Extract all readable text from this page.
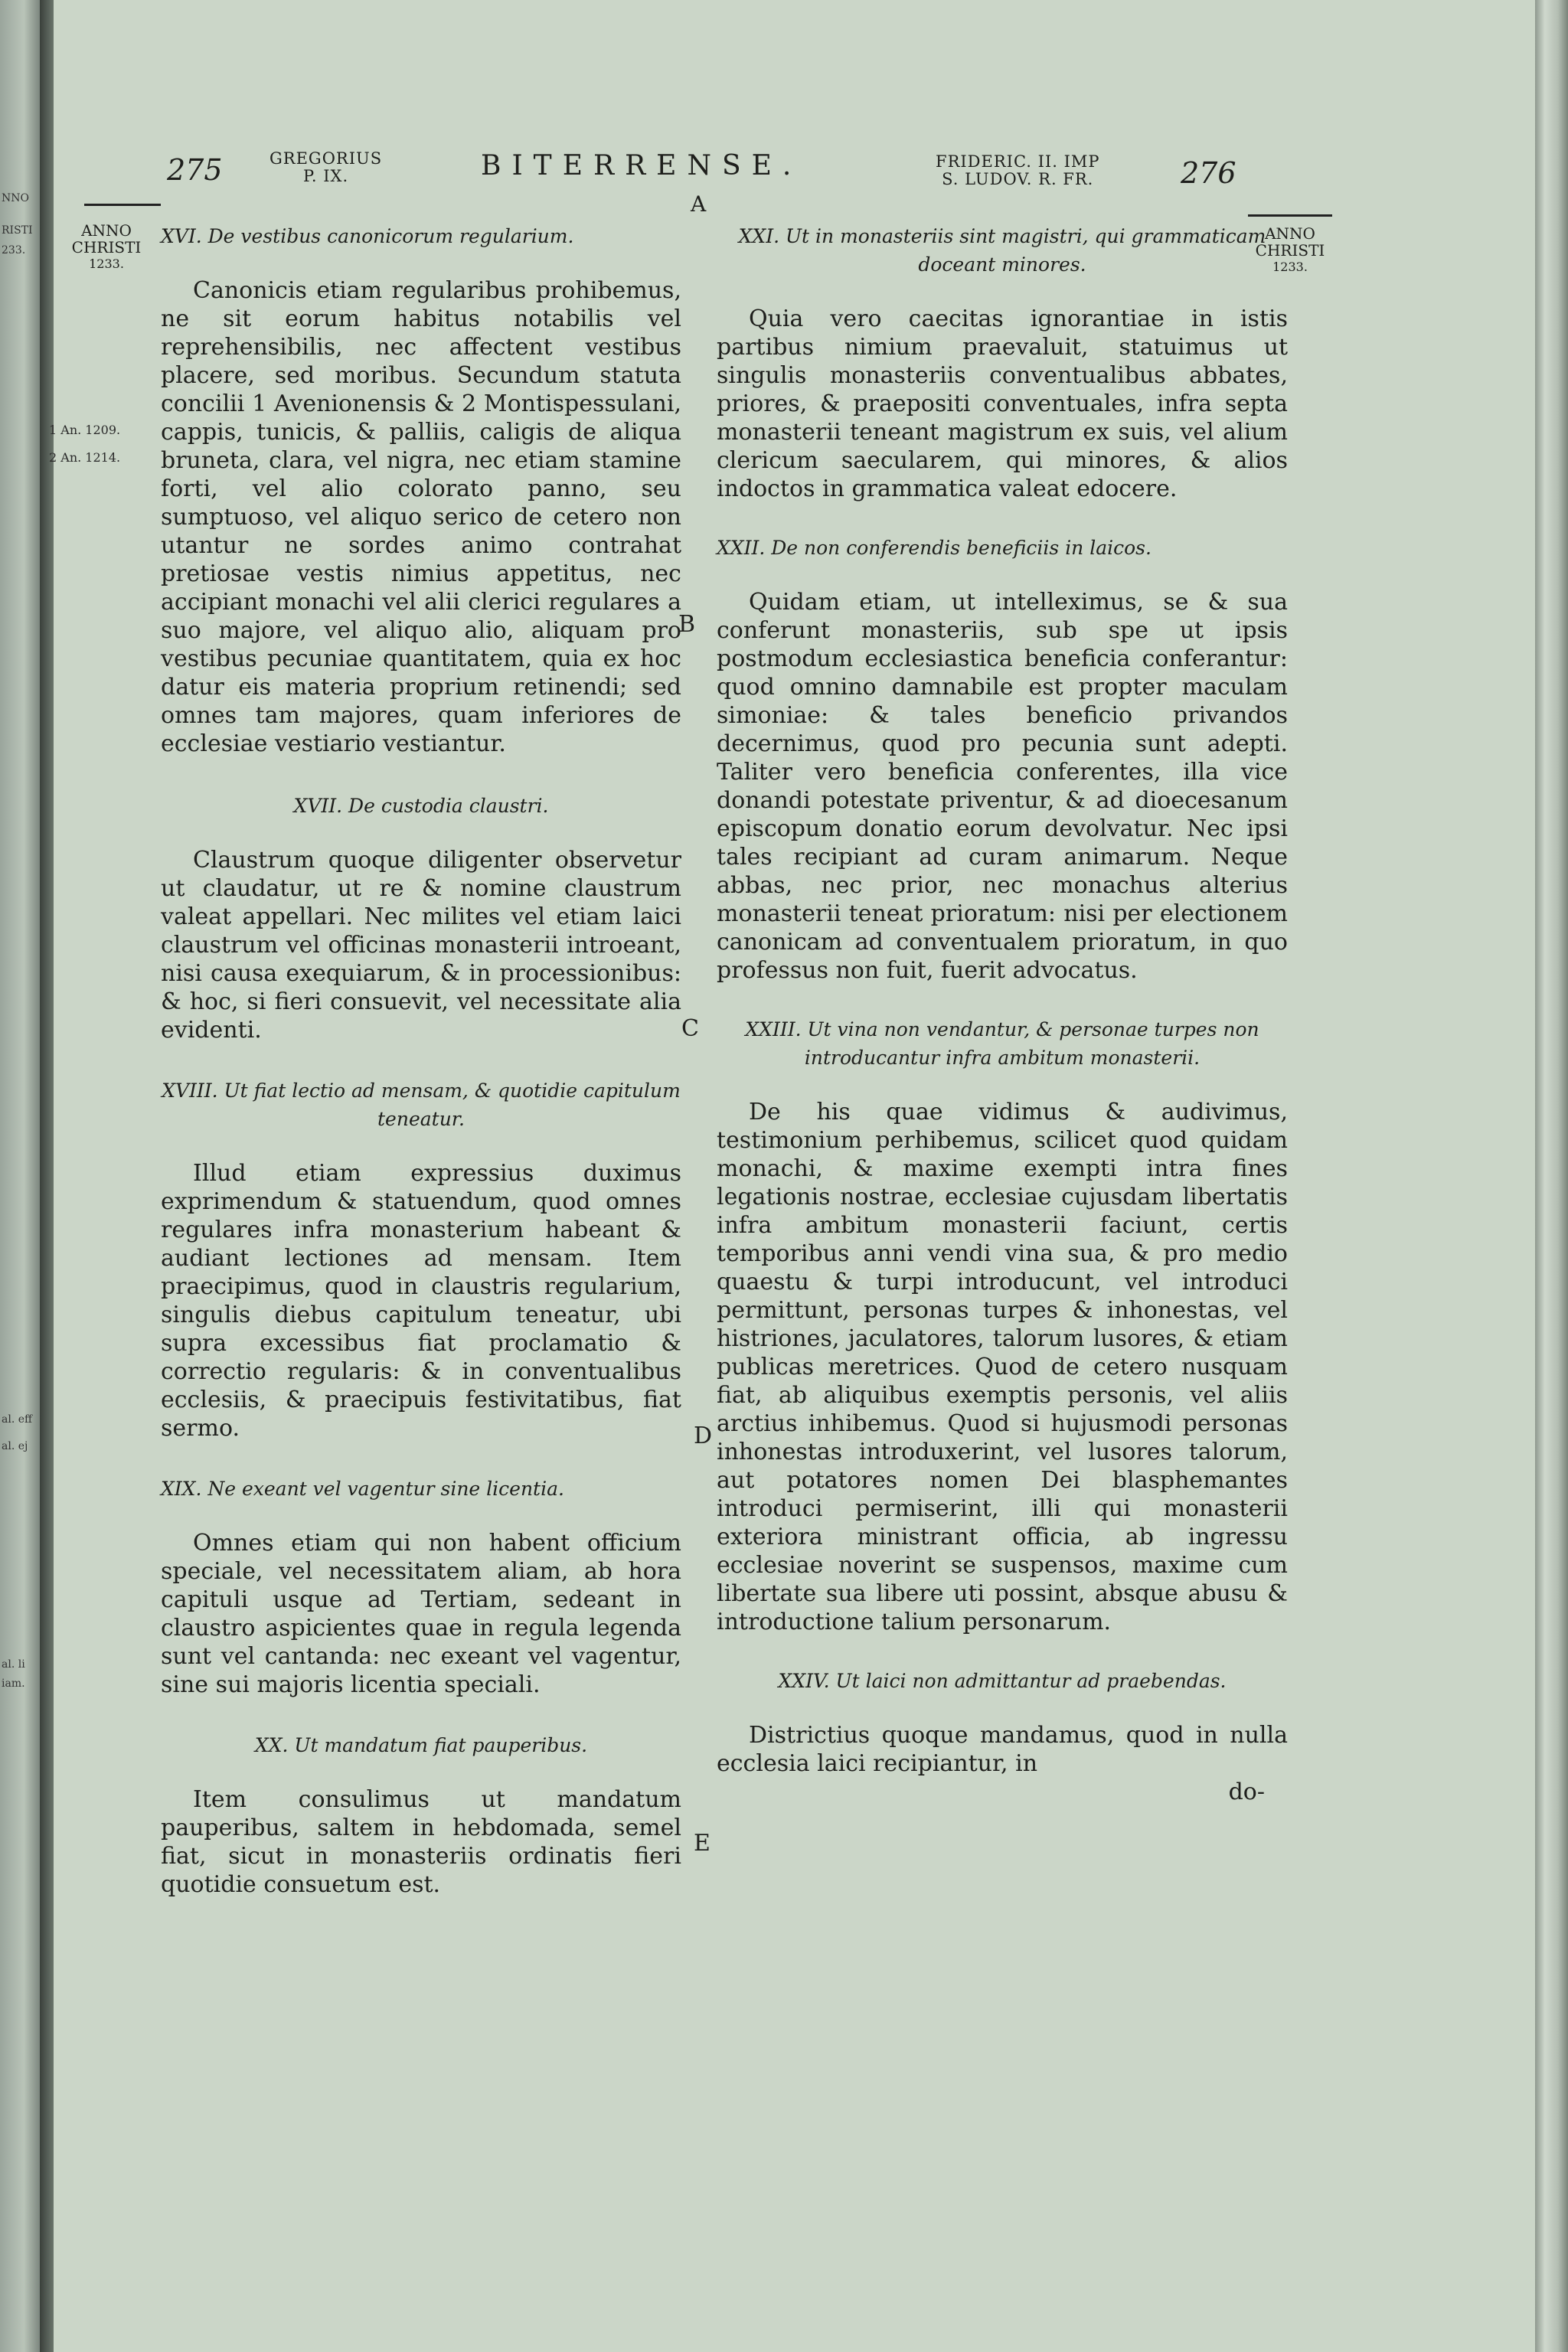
NNO
RISTI
233.
al. eff
al. ej
al. li
iam.
275	GREGORIUS
P. IX.	BITERRENSE.	FRIDERIC. II. IMP
S. LUDOV. R. FR.	276
A
ANNO
CHRISTI
1233.
ANNO
CHRISTI
1233.
1 An. 1209.
2 An. 1214.
B
C
D
E

XVI. De vestibus canonicorum regularium.

Canonicis etiam regularibus prohibemus, ne sit eorum habitus notabilis vel reprehensibilis, nec affectent vestibus placere, sed moribus. Secundum statuta concilii 1 Avenionensis & 2 Montispessulani, cappis, tunicis, & palliis, caligis de aliqua bruneta, clara, vel nigra, nec etiam stamine forti, vel alio colorato panno, seu sumptuoso, vel aliquo serico de cetero non utantur ne sordes animo contrahat pretiosae vestis nimius appetitus, nec accipiant monachi vel alii clerici regulares a suo majore, vel aliquo alio, aliquam pro vestibus pecuniae quantitatem, quia ex hoc datur eis materia proprium retinendi; sed omnes tam majores, quam inferiores de ecclesiae vestiario vestiantur.

XVII. De custodia claustri.

Claustrum quoque diligenter observetur ut claudatur, ut re & nomine claustrum valeat appellari. Nec milites vel etiam laici claustrum vel officinas monasterii introeant, nisi causa exequiarum, & in processionibus: & hoc, si fieri consuevit, vel necessitate alia evidenti.

XVIII. Ut fiat lectio ad mensam, & quotidie capitulum teneatur.

Illud etiam expressius duximus exprimendum & statuendum, quod omnes regulares infra monasterium habeant & audiant lectiones ad mensam. Item praecipimus, quod in claustris regularium, singulis diebus capitulum teneatur, ubi supra excessibus fiat proclamatio & correctio regularis: & in conventualibus ecclesiis, & praecipuis festivitatibus, fiat sermo.

XIX. Ne exeant vel vagentur sine licentia.

Omnes etiam qui non habent officium speciale, vel necessitatem aliam, ab hora capituli usque ad Tertiam, sedeant in claustro aspicientes quae in regula legenda sunt vel cantanda: nec exeant vel vagentur, sine sui majoris licentia speciali.

XX. Ut mandatum fiat pauperibus.

Item consulimus ut mandatum pauperibus, saltem in hebdomada, semel fiat, sicut in monasteriis ordinatis fieri quotidie consuetum est.

XXI. Ut in monasteriis sint magistri, qui grammaticam doceant minores.

Quia vero caecitas ignorantiae in istis partibus nimium praevaluit, statuimus ut singulis monasteriis conventualibus abbates, priores, & praepositi conventuales, infra septa monasterii teneant magistrum ex suis, vel alium clericum saecularem, qui minores, & alios indoctos in grammatica valeat edocere.

XXII. De non conferendis beneficiis in laicos.

Quidam etiam, ut intelleximus, se & sua conferunt monasteriis, sub spe ut ipsis postmodum ecclesiastica beneficia conferantur: quod omnino damnabile est propter maculam simoniae: & tales beneficio privandos decernimus, quod pro pecunia sunt adepti. Taliter vero beneficia conferentes, illa vice donandi potestate priventur, & ad dioecesanum episcopum donatio eorum devolvatur. Nec ipsi tales recipiant ad curam animarum. Neque abbas, nec prior, nec monachus alterius monasterii teneat prioratum: nisi per electionem canonicam ad conventualem prioratum, in quo professus non fuit, fuerit advocatus.

XXIII. Ut vina non vendantur, & personae turpes non introducantur infra ambitum monasterii.

De his quae vidimus & audivimus, testimonium perhibemus, scilicet quod quidam monachi, & maxime exempti intra fines legationis nostrae, ecclesiae cujusdam libertatis infra ambitum monasterii faciunt, certis temporibus anni vendi vina sua, & pro medio quaestu & turpi introducunt, vel introduci permittunt, personas turpes & inhonestas, vel histriones, jaculatores, talorum lusores, & etiam publicas meretrices. Quod de cetero nusquam fiat, ab aliquibus exemptis personis, vel aliis arctius inhibemus. Quod si hujusmodi personas inhonestas introduxerint, vel lusores talorum, aut potatores nomen Dei blasphemantes introduci permiserint, illi qui monasterii exteriora ministrant officia, ab ingressu ecclesiae noverint se suspensos, maxime cum libertate sua libere uti possint, absque abusu & introductione talium personarum.

XXIV. Ut laici non admittantur ad praebendas.

Districtius quoque mandamus, quod in nulla ecclesia laici recipiantur, in

do-
